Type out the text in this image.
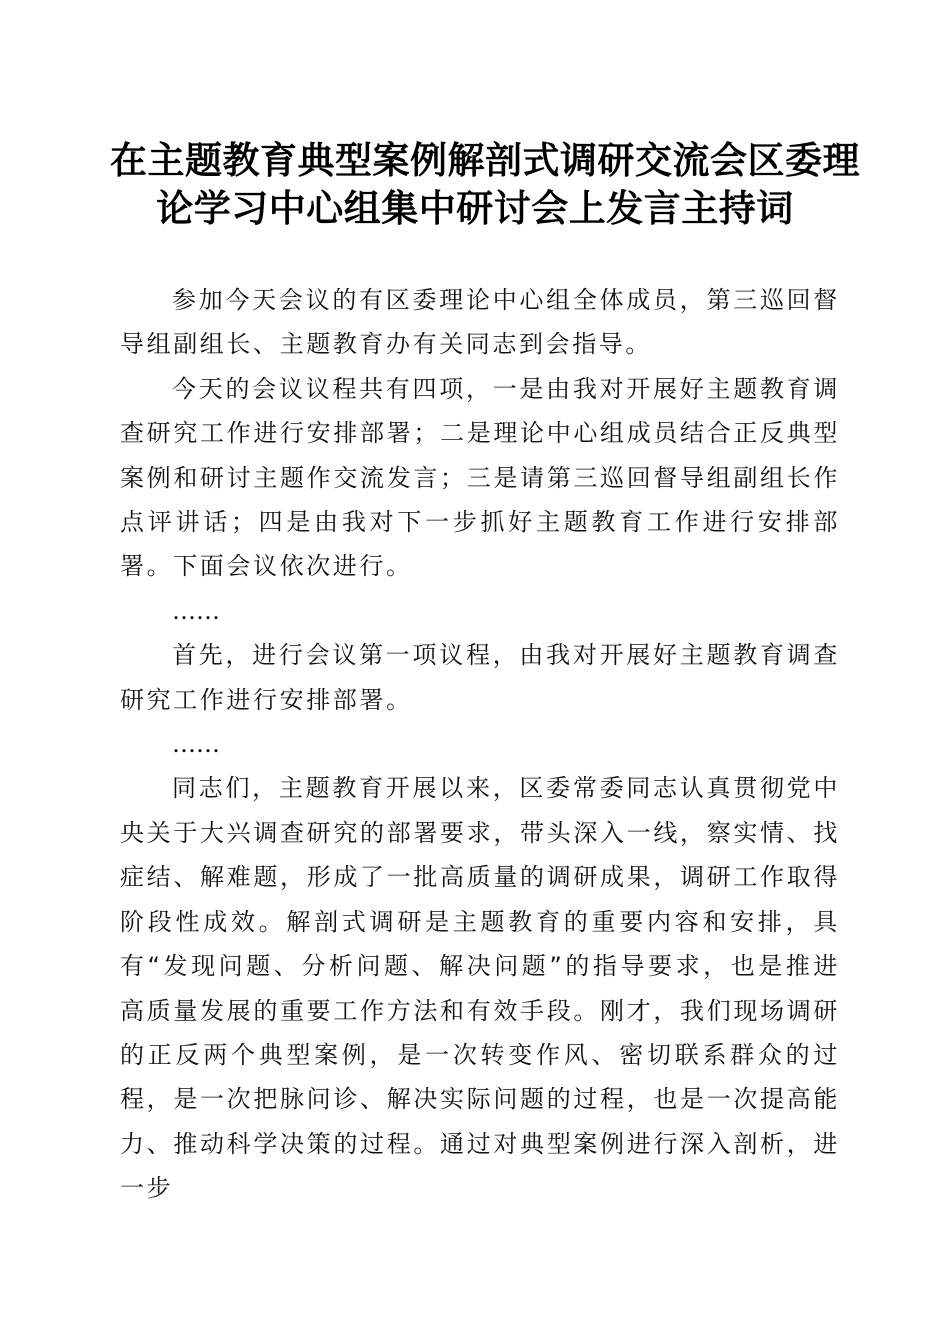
在主题教育典型案例解剖式调研交流会区委理
论学习中心组集中研讨会上发言主持词

参加今天会议的有区委理论中心组全体成员，第三巡回督导组副组长、主题教育办有关同志到会指导。

今天的会议议程共有四项，一是由我对开展好主题教育调查研究工作进行安排部署；二是理论中心组成员结合正反典型案例和研讨主题作交流发言；三是请第三巡回督导组副组长作点评讲话；四是由我对下一步抓好主题教育工作进行安排部署。下面会议依次进行。

……

首先，进行会议第一项议程，由我对开展好主题教育调查研究工作进行安排部署。

……

同志们，主题教育开展以来，区委常委同志认真贯彻党中央关于大兴调查研究的部署要求，带头深入一线，察实情、找症结、解难题，形成了一批高质量的调研成果，调研工作取得阶段性成效。解剖式调研是主题教育的重要内容和安排，具有“发现问题、分析问题、解决问题”的指导要求，也是推进高质量发展的重要工作方法和有效手段。刚才，我们现场调研的正反两个典型案例，是一次转变作风、密切联系群众的过程，是一次把脉问诊、解决实际问题的过程，也是一次提高能力、推动科学决策的过程。通过对典型案例进行深入剖析，进一步
